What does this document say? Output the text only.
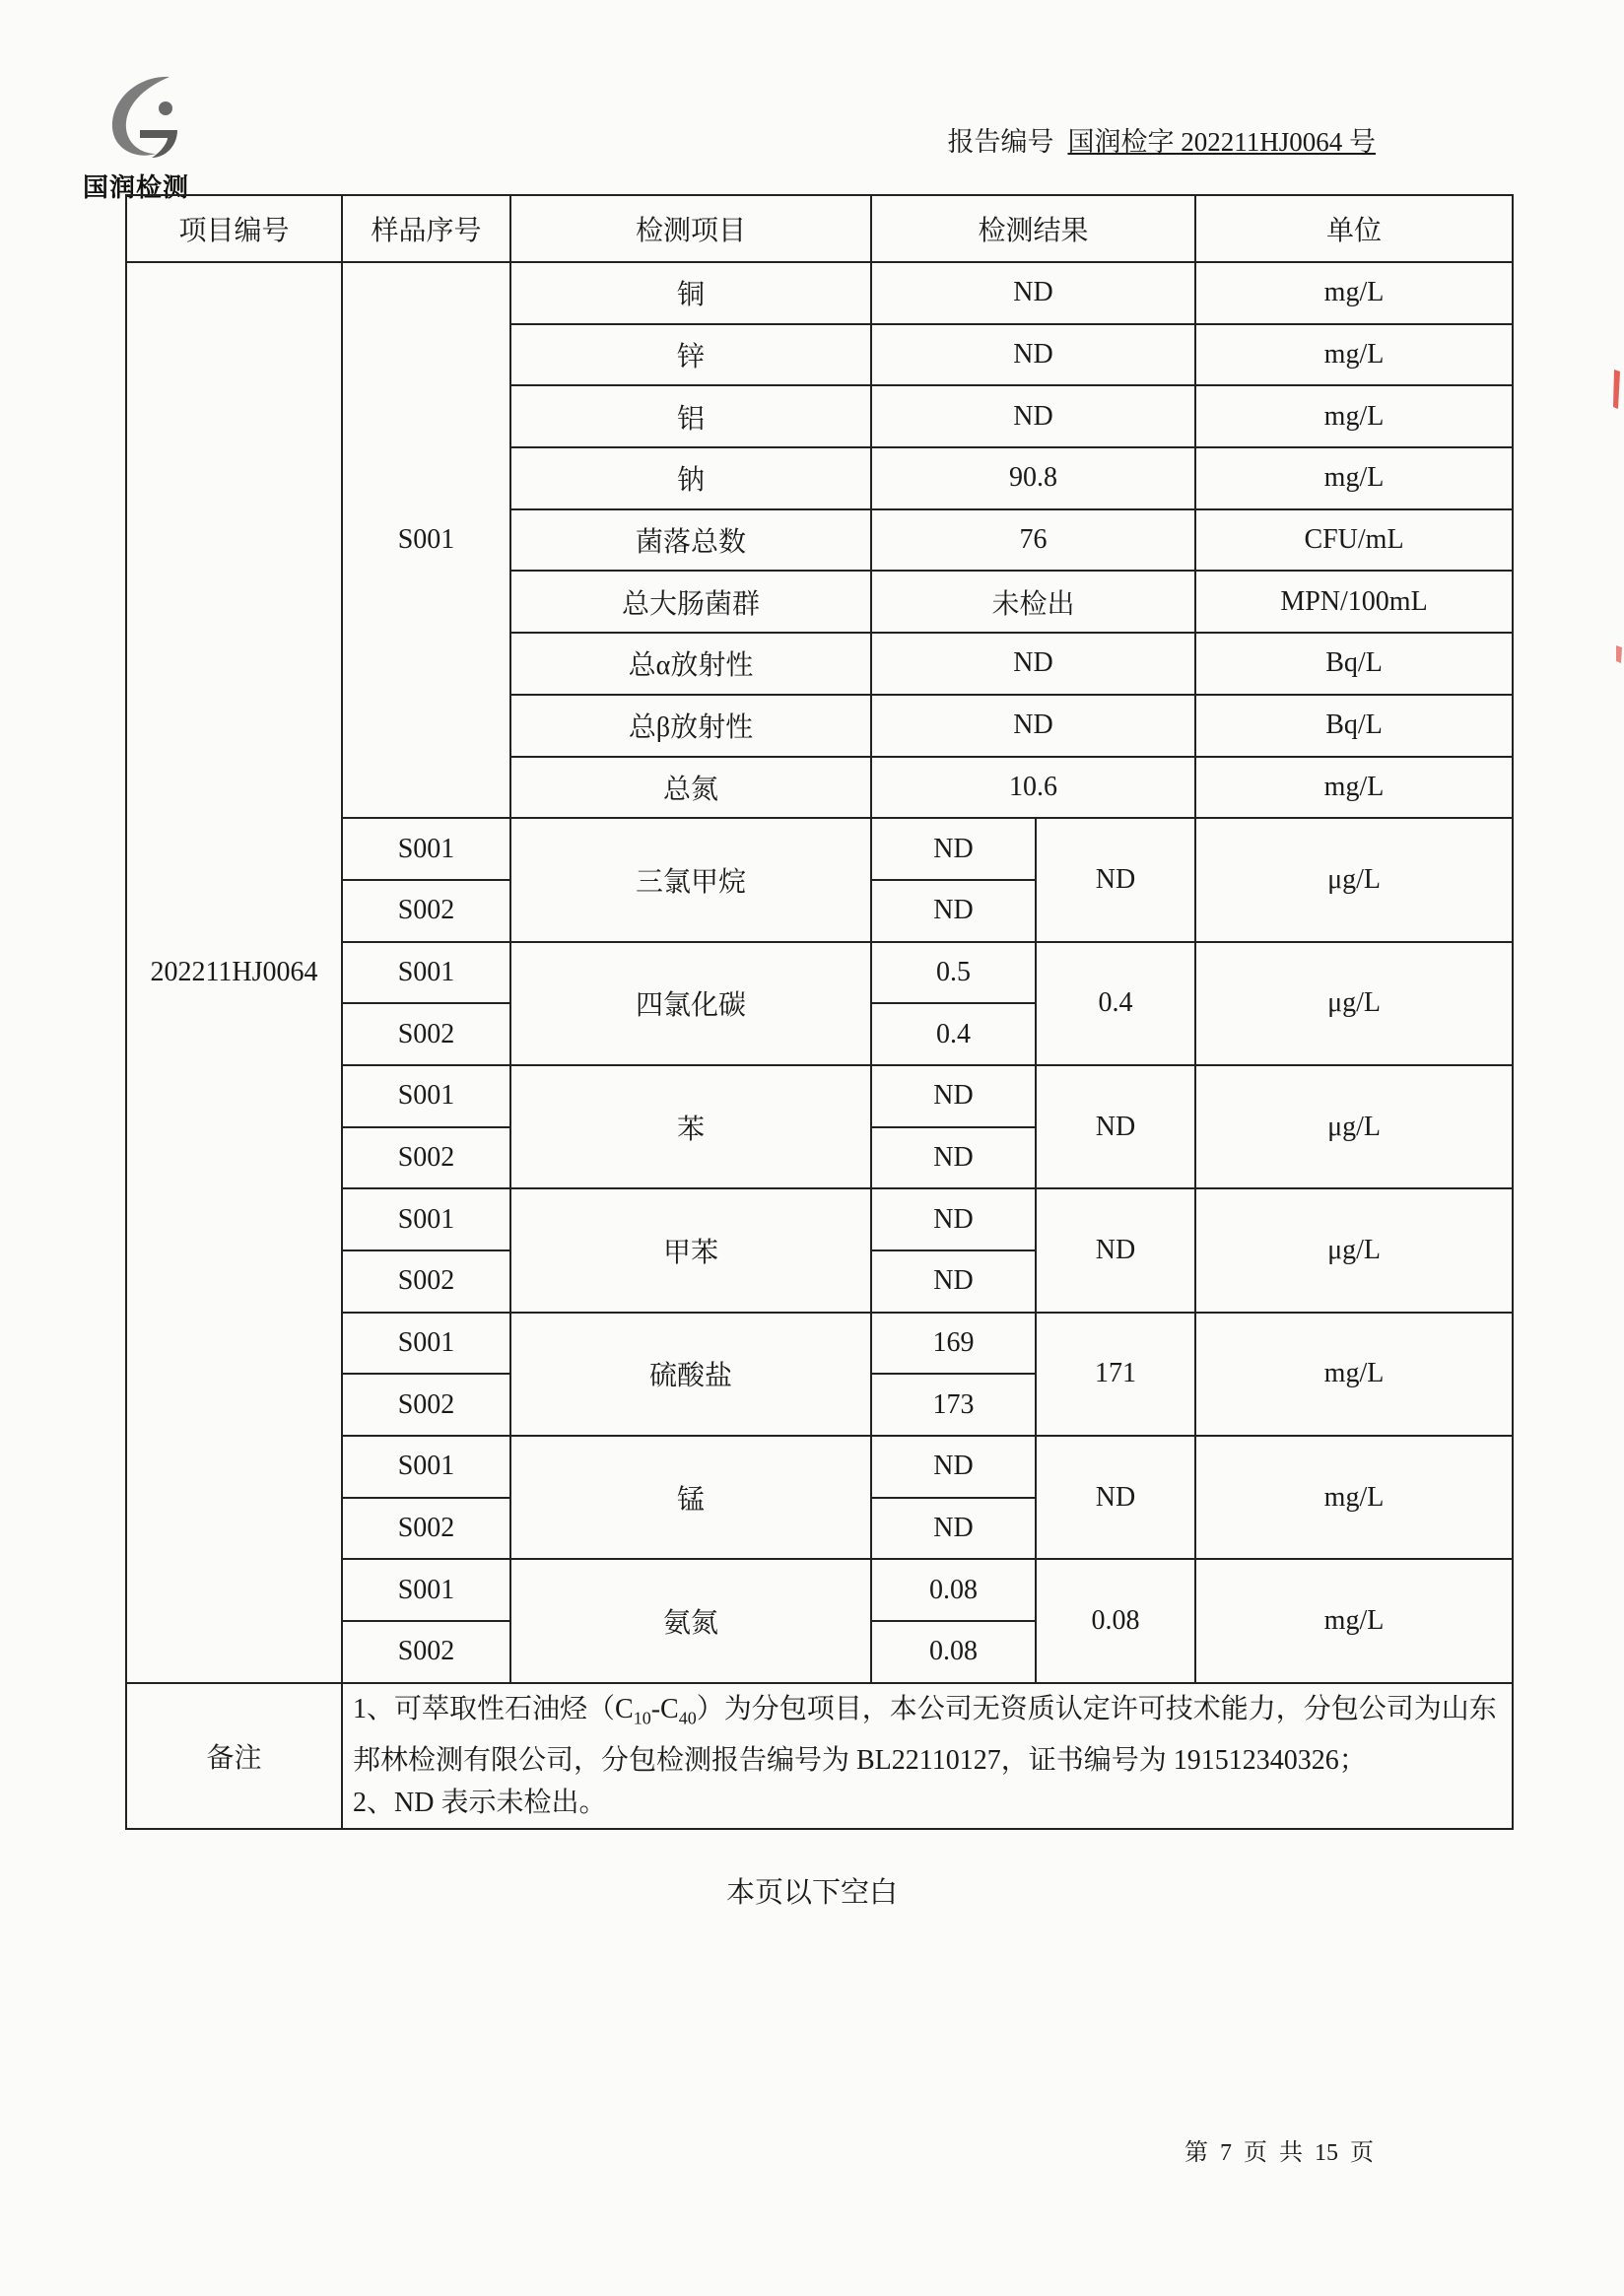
国润检测
报告编号 国润检字 202211HJ0064 号
项目编号	样品序号	检测项目	检测结果		单位
202211HJ0064	S001	铜	ND		mg/L
		锌	ND		mg/L
		铝	ND		mg/L
		钠	90.8		mg/L
		菌落总数	76		CFU/mL
		总大肠菌群	未检出		MPN/100mL
		总α放射性	ND		Bq/L
		总β放射性	ND		Bq/L
		总氮	10.6		mg/L
	S001	三氯甲烷	ND	ND	μg/L
	S002		ND		
	S001	四氯化碳	0.5	0.4	μg/L
	S002		0.4		
	S001	苯	ND	ND	μg/L
	S002		ND		
	S001	甲苯	ND	ND	μg/L
	S002		ND		
	S001	硫酸盐	169	171	mg/L
	S002		173		
	S001	锰	ND	ND	mg/L
	S002		ND		
	S001	氨氮	0.08	0.08	mg/L
	S002		0.08		
备注	1、可萃取性石油烃$(C_{10}-C_{40})$为分包项目，本公司无资质认定许可技术能力，分包公司为山东邦林检测有限公司，分包检测报告编号为 BL22110127，证书编号为 191512340326；
2、ND 表示未检出。				
本页以下空白
第 7 页 共 15 页
